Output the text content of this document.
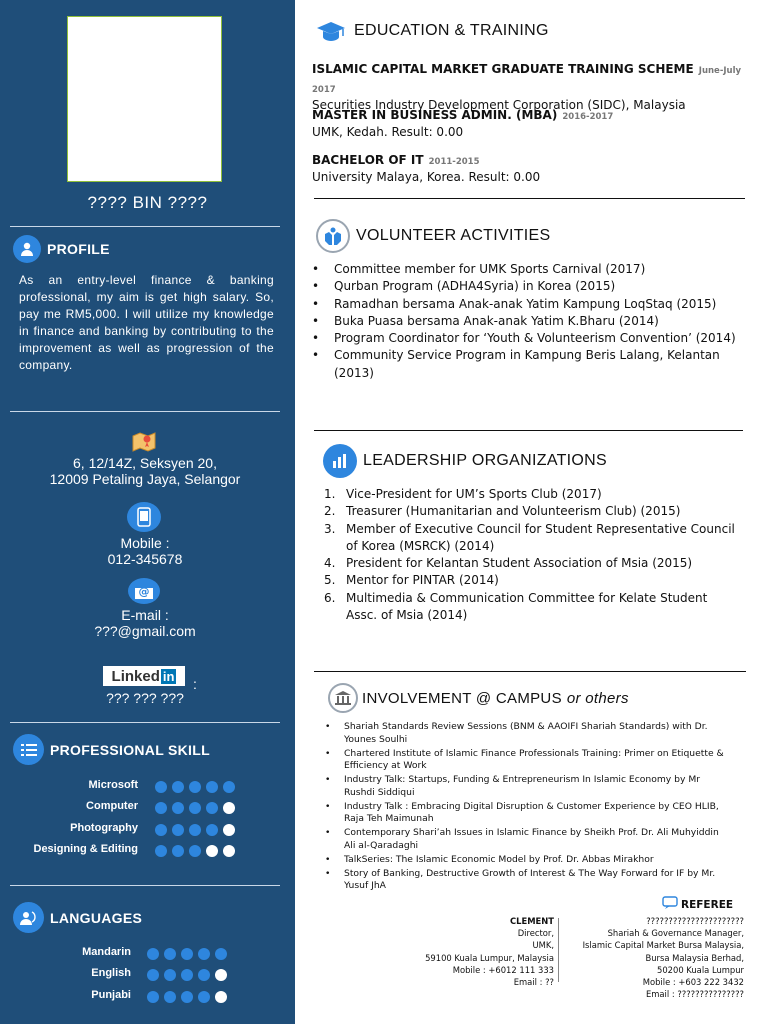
???? BIN ????
PROFILE
As an entry-level finance & banking professional, my aim is get high salary. So, pay me RM5,000. I will utilize my knowledge in finance and banking by contributing to the improvement as well as progression of the company.
6, 12/14Z, Seksyen 20,
12009 Petaling Jaya, Selangor
Mobile :
012-345678
@
E-mail :
???@gmail.com
Linked in :
??? ??? ???
PROFESSIONAL SKILL
Microsoft
Computer
Photography
Designing & Editing
LANGUAGES
Mandarin
English
Punjabi
EDUCATION & TRAINING
ISLAMIC CAPITAL MARKET GRADUATE TRAINING SCHEME June-July 2017
Securities Industry Development Corporation (SIDC), Malaysia
MASTER IN BUSINESS ADMIN. (MBA) 2016-2017
UMK, Kedah. Result: 0.00
BACHELOR OF IT 2011-2015
University Malaya, Korea. Result: 0.00
VOLUNTEER ACTIVITIES
• Committee member for UMK Sports Carnival (2017)
• Qurban Program (ADHA4Syria) in Korea (2015)
• Ramadhan bersama Anak-anak Yatim Kampung LoqStaq (2015)
• Buka Puasa bersama Anak-anak Yatim K.Bharu (2014)
• Program Coordinator for ‘Youth & Volunteerism Convention’ (2014)
• Community Service Program in Kampung Beris Lalang, Kelantan (2013)
LEADERSHIP ORGANIZATIONS
1. Vice-President for UM’s Sports Club (2017)
2. Treasurer (Humanitarian and Volunteerism Club) (2015)
3. Member of Executive Council for Student Representative Council of Korea (MSRCK) (2014)
4. President for Kelantan Student Association of Msia (2015)
5. Mentor for PINTAR (2014)
6. Multimedia & Communication Committee for Kelate Student Assc. of Msia (2014)
INVOLVEMENT @ CAMPUS or others
• Shariah Standards Review Sessions (BNM & AAOIFI Shariah Standards) with Dr. Younes Soulhi
• Chartered Institute of Islamic Finance Professionals Training: Primer on Etiquette & Efficiency at Work
• Industry Talk: Startups, Funding & Entrepreneurism In Islamic Economy by Mr Rushdi Siddiqui
• Industry Talk : Embracing Digital Disruption & Customer Experience by CEO HLIB, Raja Teh Maimunah
• Contemporary Shari’ah Issues in Islamic Finance by Sheikh Prof. Dr. Ali Muhyiddin Ali al-Qaradaghi
• TalkSeries: The Islamic Economic Model by Prof. Dr. Abbas Mirakhor
• Story of Banking, Destructive Growth of Interest & The Way Forward for IF by Mr. Yusuf JhA
REFEREE
CLEMENT
Director,
UMK,
59100 Kuala Lumpur, Malaysia
Mobile : +6012 111 333
Email : ??
??????????????????????
Shariah & Governance Manager,
Islamic Capital Market Bursa Malaysia,
Bursa Malaysia Berhad,
50200 Kuala Lumpur
Mobile : +603 222 3432
Email : ???????????????
